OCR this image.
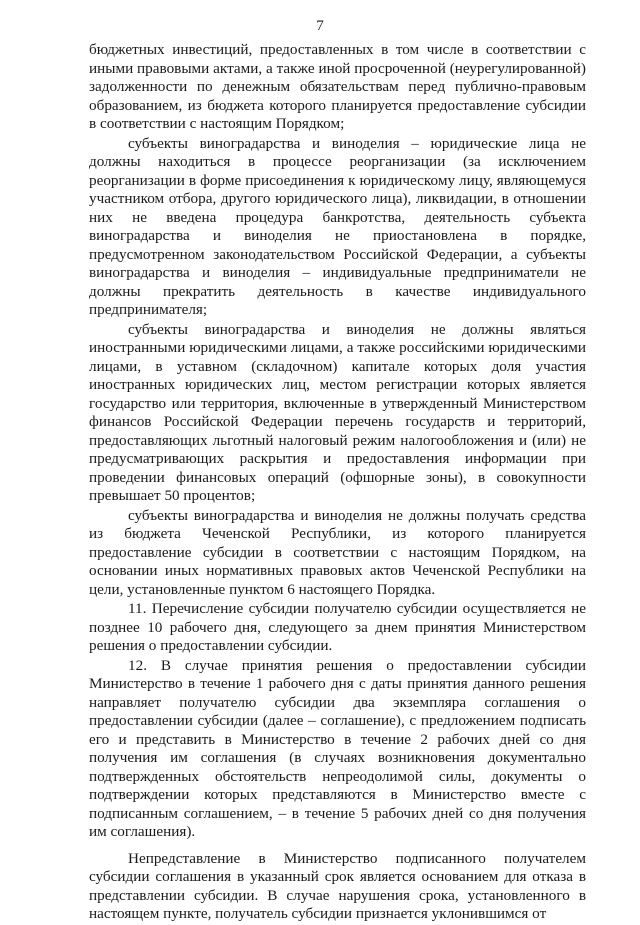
7

бюджетных инвестиций, предоставленных в том числе в соответствии с иными правовыми актами, а также иной просроченной (неурегулированной) задолженности по денежным обязательствам перед публично-правовым образованием, из бюджета которого планируется предоставление субсидии в соответствии с настоящим Порядком;

субъекты виноградарства и виноделия – юридические лица не должны находиться в процессе реорганизации (за исключением реорганизации в форме присоединения к юридическому лицу, являющемуся участником отбора, другого юридического лица), ликвидации, в отношении них не введена процедура банкротства, деятельность субъекта виноградарства и виноделия не приостановлена в порядке, предусмотренном законодательством Российской Федерации, а субъекты виноградарства и виноделия – индивидуальные предприниматели не должны прекратить деятельность в качестве индивидуального предпринимателя;

субъекты виноградарства и виноделия не должны являться иностранными юридическими лицами, а также российскими юридическими лицами, в уставном (складочном) капитале которых доля участия иностранных юридических лиц, местом регистрации которых является государство или территория, включенные в утвержденный Министерством финансов Российской Федерации перечень государств и территорий, предоставляющих льготный налоговый режим налогообложения и (или) не предусматривающих раскрытия и предоставления информации при проведении финансовых операций (офшорные зоны), в совокупности превышает 50 процентов;

субъекты виноградарства и виноделия не должны получать средства из бюджета Чеченской Республики, из которого планируется предоставление субсидии в соответствии с настоящим Порядком, на основании иных нормативных правовых актов Чеченской Республики на цели, установленные пунктом 6 настоящего Порядка.

11. Перечисление субсидии получателю субсидии осуществляется не позднее 10 рабочего дня, следующего за днем принятия Министерством решения о предоставлении субсидии.

12. В случае принятия решения о предоставлении субсидии Министерство в течение 1 рабочего дня с даты принятия данного решения направляет получателю субсидии два экземпляра соглашения о предоставлении субсидии (далее – соглашение), с предложением подписать его и представить в Министерство в течение 2 рабочих дней со дня получения им соглашения (в случаях возникновения документально подтвержденных обстоятельств непреодолимой силы, документы о подтверждении которых представляются в Министерство вместе с подписанным соглашением, – в течение 5 рабочих дней со дня получения им соглашения).

Непредставление в Министерство подписанного получателем субсидии соглашения в указанный срок является основанием для отказа в представлении субсидии. В случае нарушения срока, установленного в настоящем пункте, получатель субсидии признается уклонившимся от
